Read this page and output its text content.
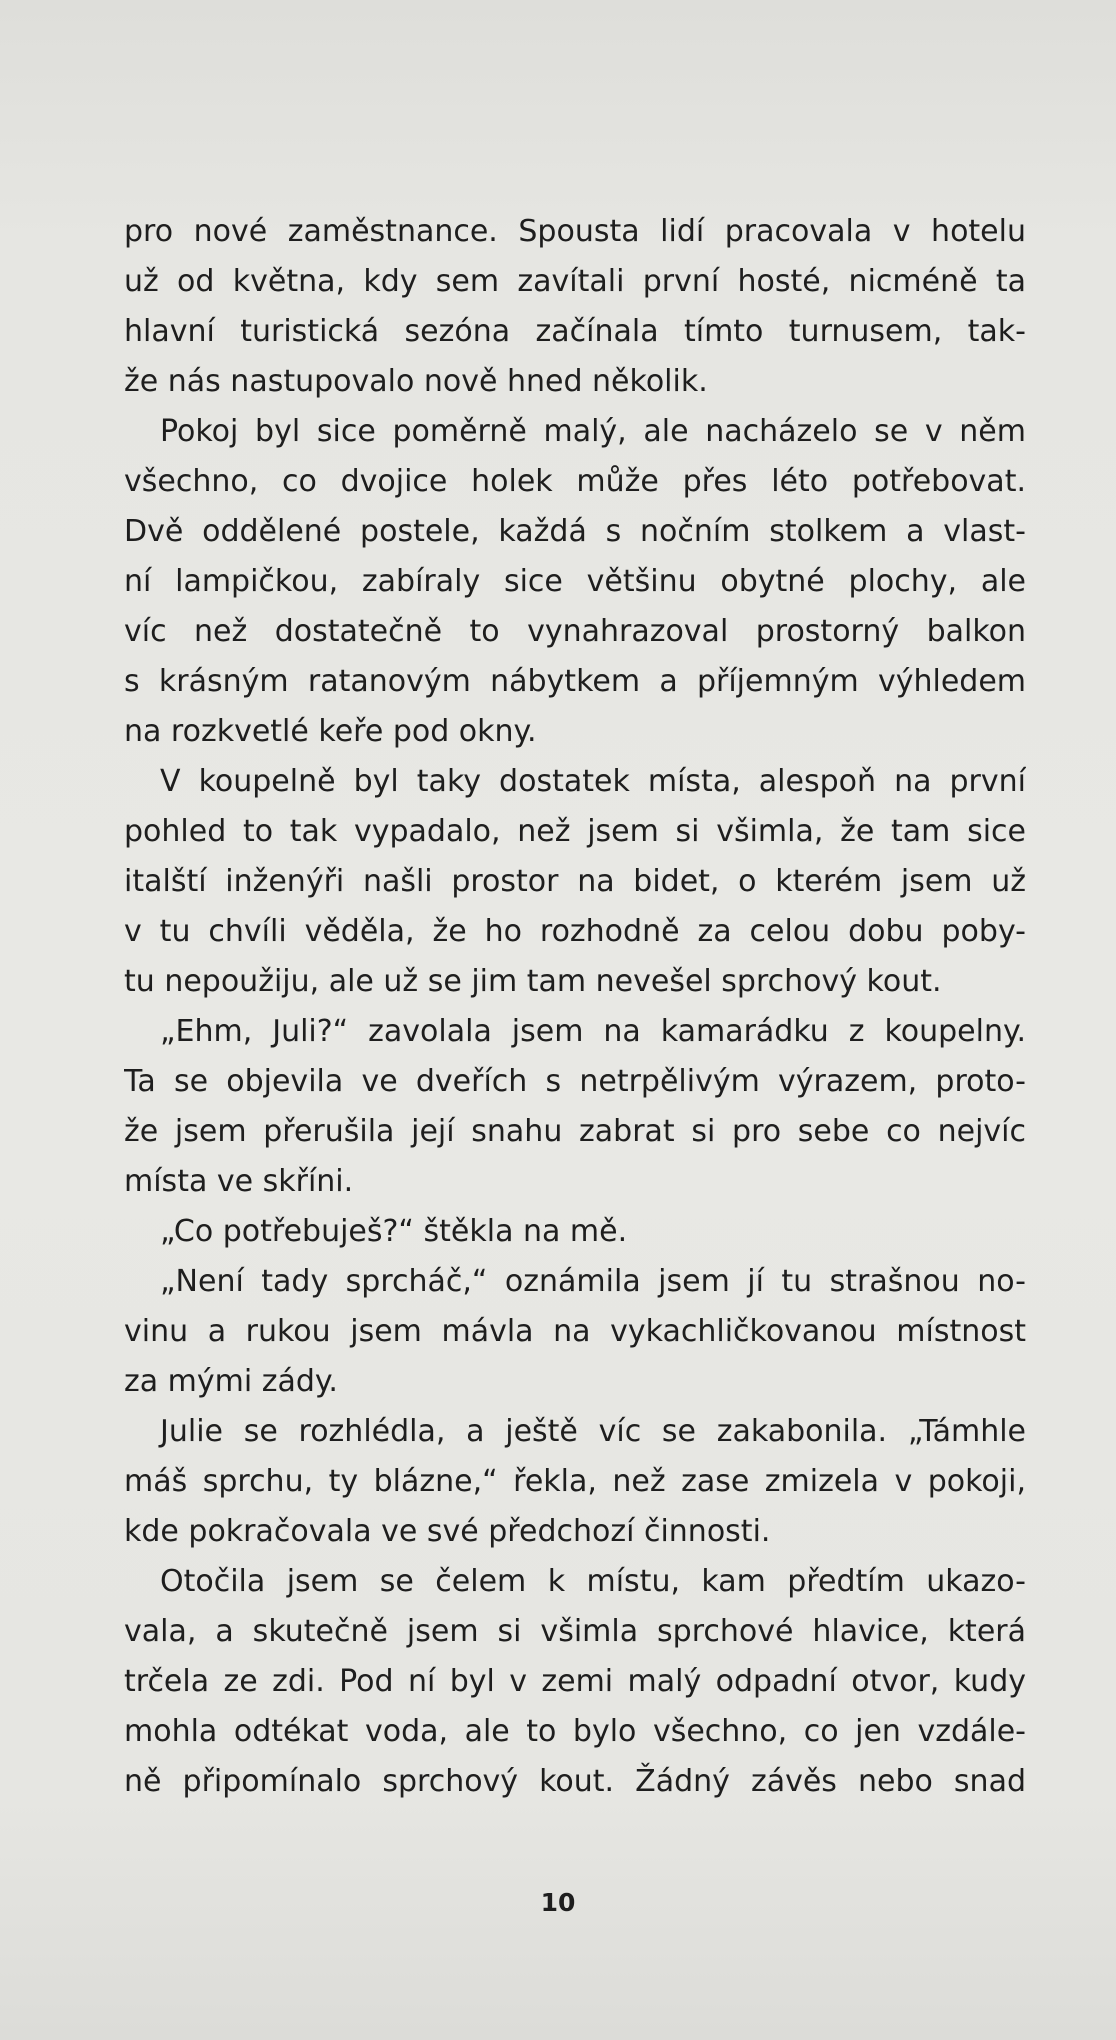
pro nové zaměstnance. Spousta lidí pracovala v hotelu
už od května, kdy sem zavítali první hosté, nicméně ta
hlavní turistická sezóna začínala tímto turnusem, tak-
že nás nastupovalo nově hned několik.
Pokoj byl sice poměrně malý, ale nacházelo se v něm
všechno, co dvojice holek může přes léto potřebovat.
Dvě oddělené postele, každá s nočním stolkem a vlast-
ní lampičkou, zabíraly sice většinu obytné plochy, ale
víc než dostatečně to vynahrazoval prostorný balkon
s krásným ratanovým nábytkem a příjemným výhledem
na rozkvetlé keře pod okny.
V koupelně byl taky dostatek místa, alespoň na první
pohled to tak vypadalo, než jsem si všimla, že tam sice
italští inženýři našli prostor na bidet, o kterém jsem už
v tu chvíli věděla, že ho rozhodně za celou dobu poby-
tu nepoužiju, ale už se jim tam nevešel sprchový kout.
„Ehm, Juli?“ zavolala jsem na kamarádku z koupelny.
Ta se objevila ve dveřích s netrpělivým výrazem, proto-
že jsem přerušila její snahu zabrat si pro sebe co nejvíc
místa ve skříni.
„Co potřebuješ?“ štěkla na mě.
„Není tady sprcháč,“ oznámila jsem jí tu strašnou no-
vinu a rukou jsem mávla na vykachličkovanou místnost
za mými zády.
Julie se rozhlédla, a ještě víc se zakabonila. „Támhle
máš sprchu, ty blázne,“ řekla, než zase zmizela v pokoji,
kde pokračovala ve své předchozí činnosti.
Otočila jsem se čelem k místu, kam předtím ukazo-
vala, a skutečně jsem si všimla sprchové hlavice, která
trčela ze zdi. Pod ní byl v zemi malý odpadní otvor, kudy
mohla odtékat voda, ale to bylo všechno, co jen vzdále-
ně připomínalo sprchový kout. Žádný závěs nebo snad
10
